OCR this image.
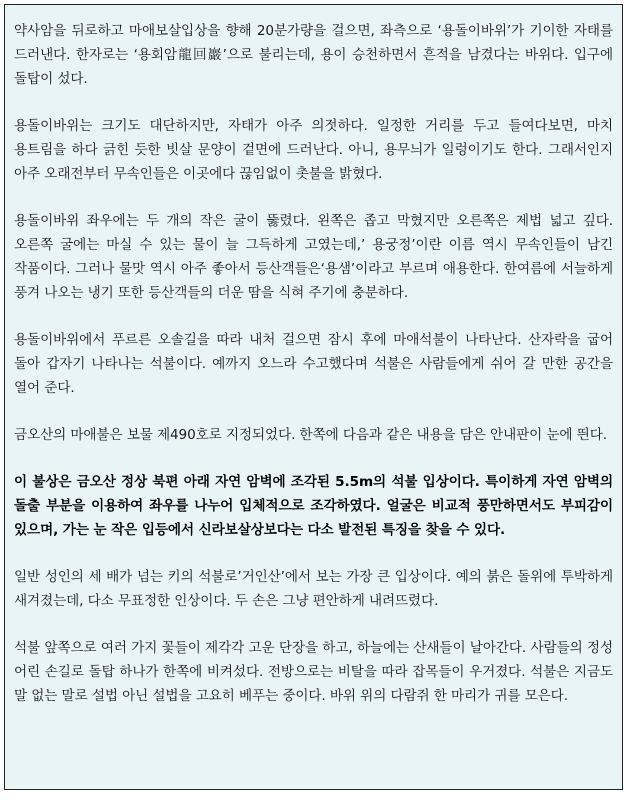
약사암을 뒤로하고 마애보살입상을 향해 20분가량을 걸으면, 좌측으로 ‘용돌이바위’가 기이한 자태를 드러낸다. 한자로는 ‘용회암龍回巖’으로 불리는데, 용이 승천하면서 흔적을 남겼다는 바위다. 입구에 돌탑이 섰다.

용돌이바위는 크기도 대단하지만, 자태가 아주 의젓하다. 일정한 거리를 두고 들여다보면, 마치 용트림을 하다 긁힌 듯한 빗살 문양이 겉면에 드러난다. 아니, 용무늬가 일렁이기도 한다. 그래서인지 아주 오래전부터 무속인들은 이곳에다 끊임없이 촛불을 밝혔다.

용돌이바위 좌우에는 두 개의 작은 굴이 뚫렸다. 왼쪽은 좁고 막혔지만 오른쪽은 제법 넓고 깊다. 오른쪽 굴에는 마실 수 있는 물이 늘 그득하게 고였는데,’ 용궁정’이란 이름 역시 무속인들이 남긴 작품이다. 그러나 물맛 역시 아주 좋아서 등산객들은‘용샘’이라고 부르며 애용한다. 한여름에 서늘하게 풍겨 나오는 냉기 또한 등산객들의 더운 땀을 식혀 주기에 충분하다.

용돌이바위에서 푸르른 오솔길을 따라 내처 걸으면 잠시 후에 마애석불이 나타난다. 산자락을 굽어 돌아 갑자기 나타나는 석불이다. 예까지 오느라 수고했다며 석불은 사람들에게 쉬어 갈 만한 공간을 열어 준다.

금오산의 마애불은 보물 제490호로 지정되었다. 한쪽에 다음과 같은 내용을 담은 안내판이 눈에 띈다.

이 불상은 금오산 정상 북편 아래 자연 암벽에 조각된 5.5m의 석불 입상이다. 특이하게 자연 암벽의 돌출 부분을 이용하여 좌우를 나누어 입체적으로 조각하였다. 얼굴은 비교적 풍만하면서도 부피감이 있으며, 가는 눈 작은 입등에서 신라보살상보다는 다소 발전된 특징을 찾을 수 있다.

일반 성인의 세 배가 넘는 키의 석불로’거인산’에서 보는 가장 큰 입상이다. 예의 붉은 돌위에 투박하게 새겨졌는데, 다소 무표정한 인상이다. 두 손은 그냥 편안하게 내려뜨렸다.

석불 앞쪽으로 여러 가지 꽃들이 제각각 고운 단장을 하고, 하늘에는 산새들이 날아간다. 사람들의 정성 어린 손길로 돌탑 하나가 한쪽에 비켜섰다. 전방으로는 비탈을 따라 잡목들이 우거졌다. 석불은 지금도 말 없는 말로 설법 아닌 설법을 고요히 베푸는 중이다. 바위 위의 다람쥐 한 마리가 귀를 모은다.
